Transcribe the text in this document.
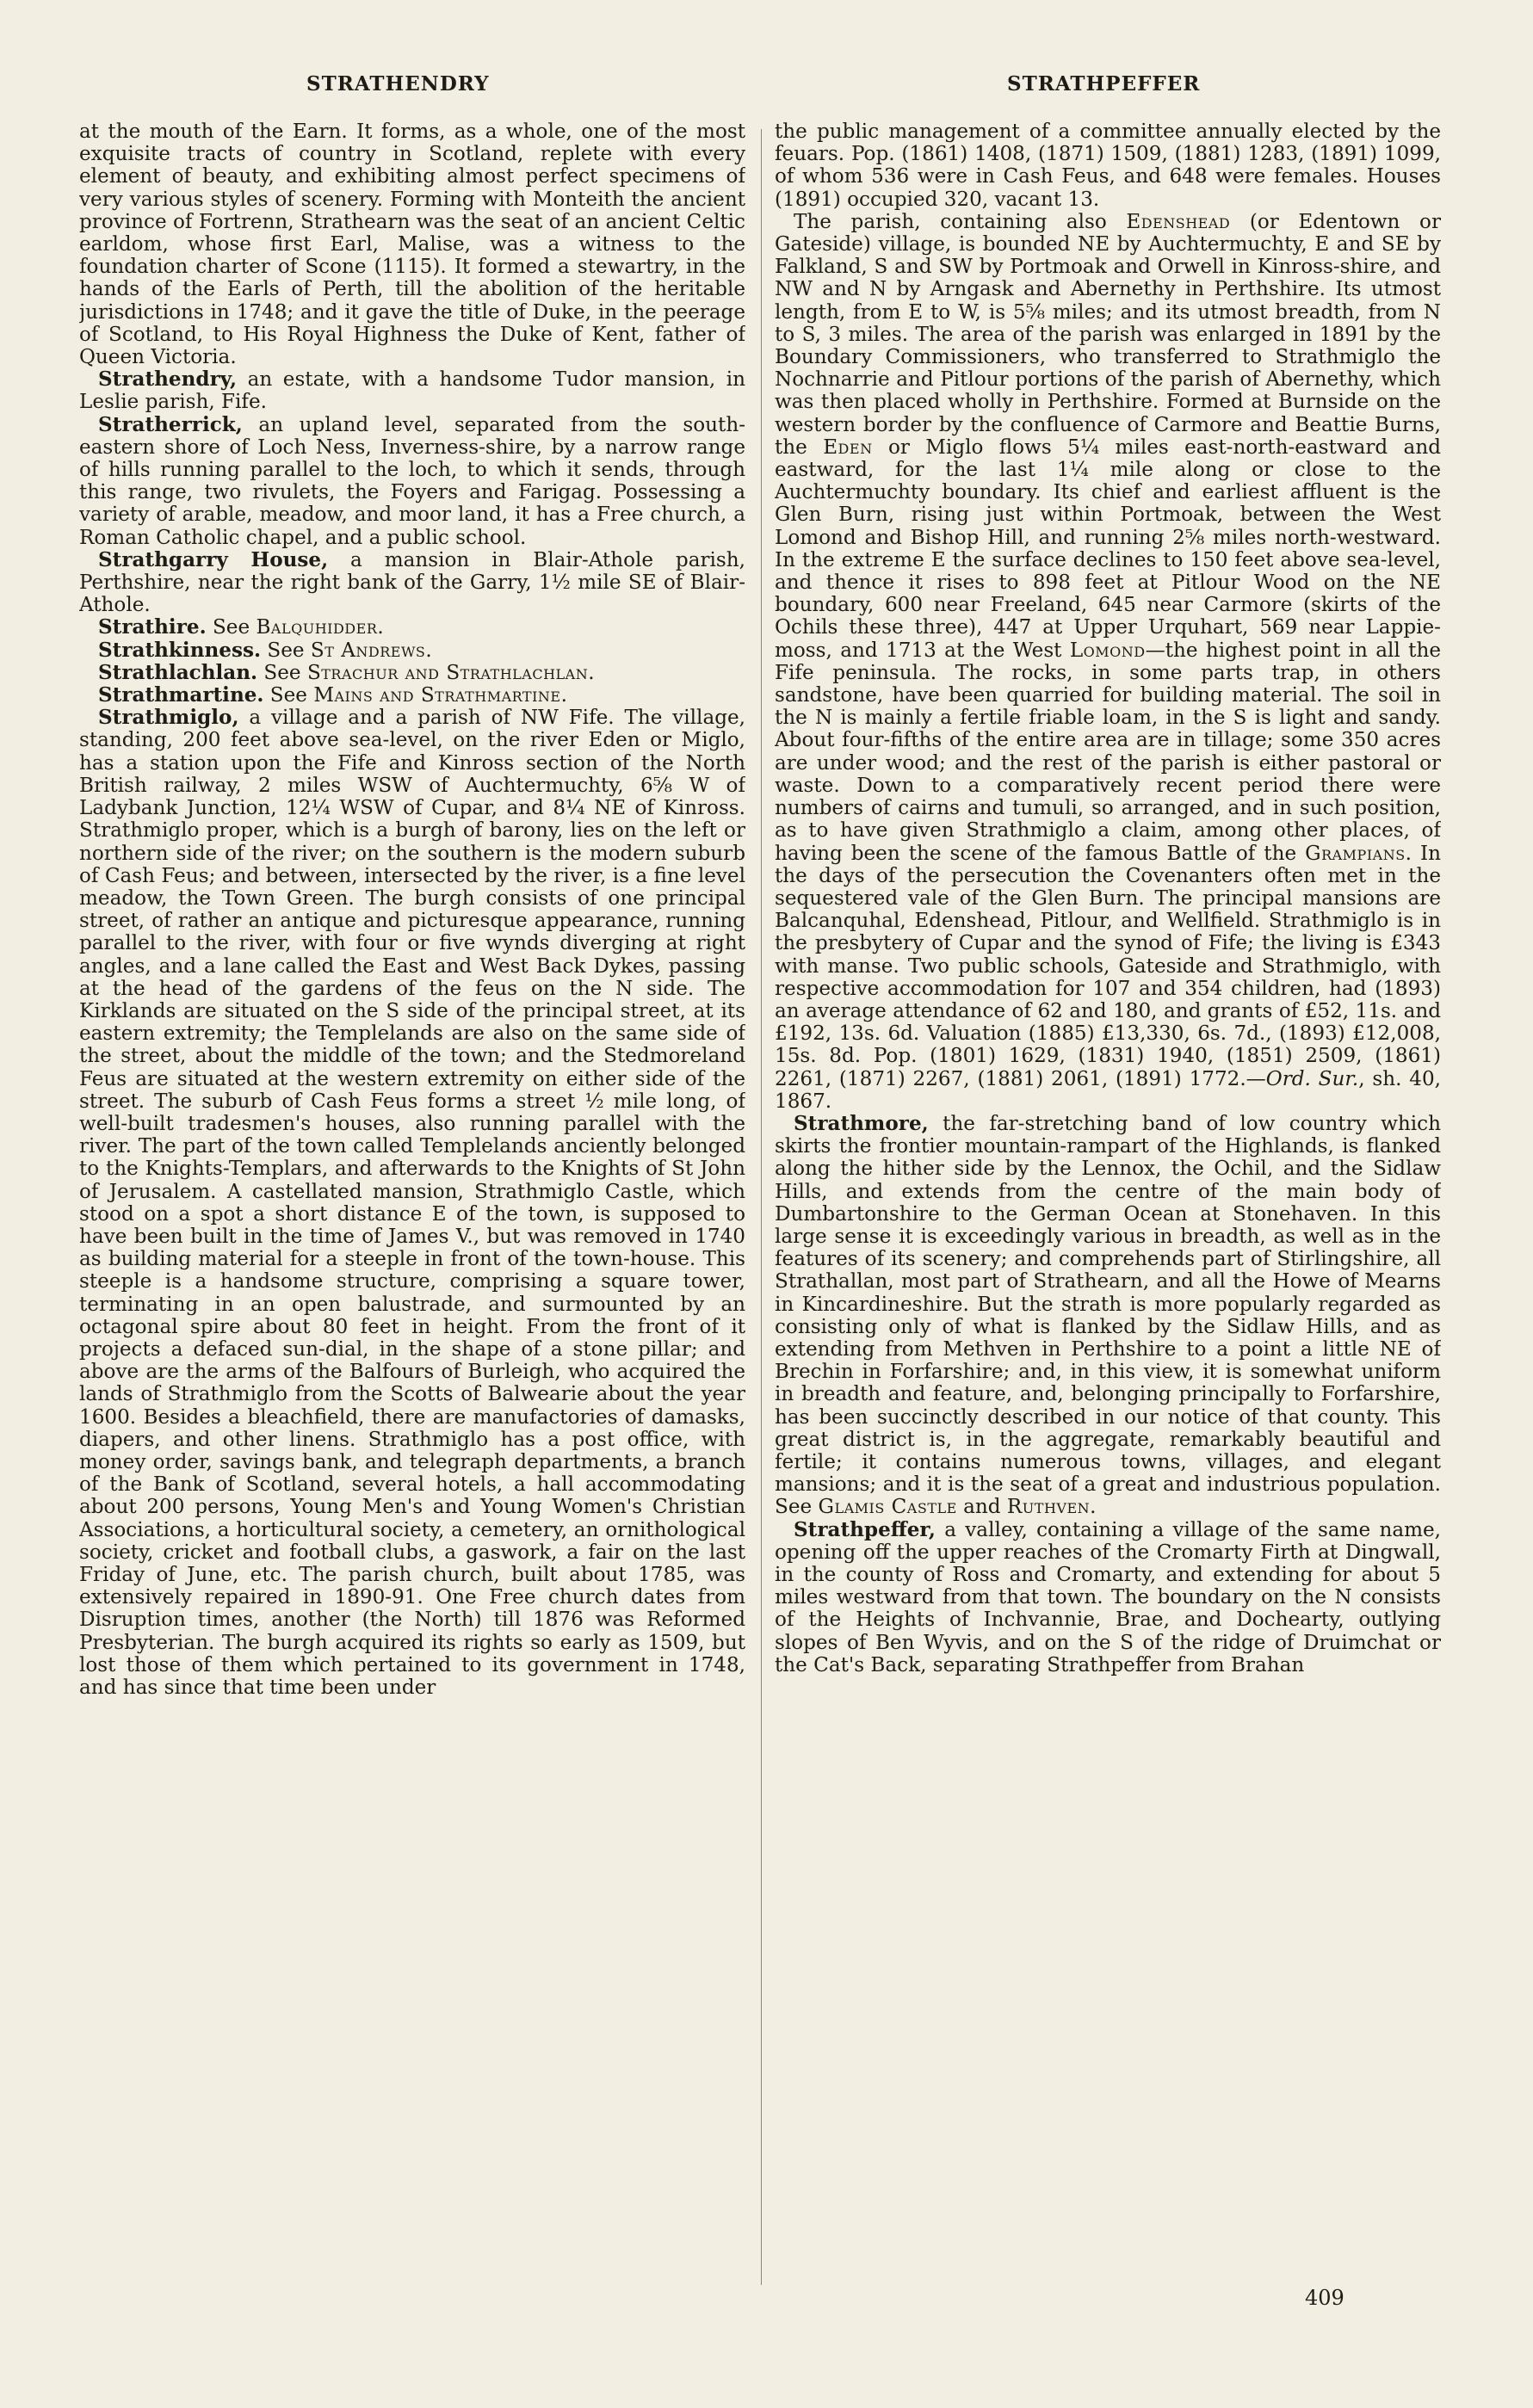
STRATHENDRY	STRATHPEFFER

at the mouth of the Earn. It forms, as a whole, one of the most exquisite tracts of country in Scotland, replete with every element of beauty, and exhibiting almost perfect specimens of very various styles of scenery. Forming with Monteith the ancient province of Fortrenn, Strathearn was the seat of an ancient Celtic earldom, whose first Earl, Malise, was a witness to the foundation charter of Scone (1115). It formed a stewartry, in the hands of the Earls of Perth, till the abolition of the heritable jurisdictions in 1748; and it gave the title of Duke, in the peerage of Scotland, to His Royal Highness the Duke of Kent, father of Queen Victoria.

Strathendry, an estate, with a handsome Tudor mansion, in Leslie parish, Fife.

Stratherrick, an upland level, separated from the south-eastern shore of Loch Ness, Inverness-shire, by a narrow range of hills running parallel to the loch, to which it sends, through this range, two rivulets, the Foyers and Farigag. Possessing a variety of arable, meadow, and moor land, it has a Free church, a Roman Catholic chapel, and a public school.

Strathgarry House, a mansion in Blair-Athole parish, Perthshire, near the right bank of the Garry, 1½ mile SE of Blair-Athole.

Strathire. See Balquhidder.

Strathkinness. See St Andrews.

Strathlachlan. See Strachur and Strathlachlan.

Strathmartine. See Mains and Strathmartine.

Strathmiglo, a village and a parish of NW Fife. The village, standing, 200 feet above sea-level, on the river Eden or Miglo, has a station upon the Fife and Kinross section of the North British railway, 2 miles WSW of Auchtermuchty, 6⅝ W of Ladybank Junction, 12¼ WSW of Cupar, and 8¼ NE of Kinross. Strathmiglo proper, which is a burgh of barony, lies on the left or northern side of the river; on the southern is the modern suburb of Cash Feus; and between, intersected by the river, is a fine level meadow, the Town Green. The burgh consists of one principal street, of rather an antique and picturesque appearance, running parallel to the river, with four or five wynds diverging at right angles, and a lane called the East and West Back Dykes, passing at the head of the gardens of the feus on the N side. The Kirklands are situated on the S side of the principal street, at its eastern extremity; the Templelands are also on the same side of the street, about the middle of the town; and the Stedmoreland Feus are situated at the western extremity on either side of the street. The suburb of Cash Feus forms a street ½ mile long, of well-built tradesmen's houses, also running parallel with the river. The part of the town called Templelands anciently belonged to the Knights-Templars, and afterwards to the Knights of St John of Jerusalem. A castellated mansion, Strathmiglo Castle, which stood on a spot a short distance E of the town, is supposed to have been built in the time of James V., but was removed in 1740 as building material for a steeple in front of the town-house. This steeple is a handsome structure, comprising a square tower, terminating in an open balustrade, and surmounted by an octagonal spire about 80 feet in height. From the front of it projects a defaced sun-dial, in the shape of a stone pillar; and above are the arms of the Balfours of Burleigh, who acquired the lands of Strathmiglo from the Scotts of Balwearie about the year 1600. Besides a bleachfield, there are manufactories of damasks, diapers, and other linens. Strathmiglo has a post office, with money order, savings bank, and telegraph departments, a branch of the Bank of Scotland, several hotels, a hall accommodating about 200 persons, Young Men's and Young Women's Christian Associations, a horticultural society, a cemetery, an ornithological society, cricket and football clubs, a gaswork, a fair on the last Friday of June, etc. The parish church, built about 1785, was extensively repaired in 1890-91. One Free church dates from Disruption times, another (the North) till 1876 was Reformed Presbyterian. The burgh acquired its rights so early as 1509, but lost those of them which pertained to its government in 1748, and has since that time been under

the public management of a committee annually elected by the feuars. Pop. (1861) 1408, (1871) 1509, (1881) 1283, (1891) 1099, of whom 536 were in Cash Feus, and 648 were females. Houses (1891) occupied 320, vacant 13.

The parish, containing also Edenshead (or Edentown or Gateside) village, is bounded NE by Auchtermuchty, E and SE by Falkland, S and SW by Portmoak and Orwell in Kinross-shire, and NW and N by Arngask and Abernethy in Perthshire. Its utmost length, from E to W, is 5⅝ miles; and its utmost breadth, from N to S, 3 miles. The area of the parish was enlarged in 1891 by the Boundary Commissioners, who transferred to Strathmiglo the Nochnarrie and Pitlour portions of the parish of Abernethy, which was then placed wholly in Perthshire. Formed at Burnside on the western border by the confluence of Carmore and Beattie Burns, the Eden or Miglo flows 5¼ miles east-north-eastward and eastward, for the last 1¼ mile along or close to the Auchtermuchty boundary. Its chief and earliest affluent is the Glen Burn, rising just within Portmoak, between the West Lomond and Bishop Hill, and running 2⅝ miles north-westward. In the extreme E the surface declines to 150 feet above sea-level, and thence it rises to 898 feet at Pitlour Wood on the NE boundary, 600 near Freeland, 645 near Carmore (skirts of the Ochils these three), 447 at Upper Urquhart, 569 near Lappie-moss, and 1713 at the West Lomond—the highest point in all the Fife peninsula. The rocks, in some parts trap, in others sandstone, have been quarried for building material. The soil in the N is mainly a fertile friable loam, in the S is light and sandy. About four-fifths of the entire area are in tillage; some 350 acres are under wood; and the rest of the parish is either pastoral or waste. Down to a comparatively recent period there were numbers of cairns and tumuli, so arranged, and in such position, as to have given Strathmiglo a claim, among other places, of having been the scene of the famous Battle of the Grampians. In the days of the persecution the Covenanters often met in the sequestered vale of the Glen Burn. The principal mansions are Balcanquhal, Edenshead, Pitlour, and Wellfield. Strathmiglo is in the presbytery of Cupar and the synod of Fife; the living is £343 with manse. Two public schools, Gateside and Strathmiglo, with respective accommodation for 107 and 354 children, had (1893) an average attendance of 62 and 180, and grants of £52, 11s. and £192, 13s. 6d. Valuation (1885) £13,330, 6s. 7d., (1893) £12,008, 15s. 8d. Pop. (1801) 1629, (1831) 1940, (1851) 2509, (1861) 2261, (1871) 2267, (1881) 2061, (1891) 1772.—Ord. Sur., sh. 40, 1867.

Strathmore, the far-stretching band of low country which skirts the frontier mountain-rampart of the Highlands, is flanked along the hither side by the Lennox, the Ochil, and the Sidlaw Hills, and extends from the centre of the main body of Dumbartonshire to the German Ocean at Stonehaven. In this large sense it is exceedingly various in breadth, as well as in the features of its scenery; and comprehends part of Stirlingshire, all Strathallan, most part of Strathearn, and all the Howe of Mearns in Kincardineshire. But the strath is more popularly regarded as consisting only of what is flanked by the Sidlaw Hills, and as extending from Methven in Perthshire to a point a little NE of Brechin in Forfarshire; and, in this view, it is somewhat uniform in breadth and feature, and, belonging principally to Forfarshire, has been succinctly described in our notice of that county. This great district is, in the aggregate, remarkably beautiful and fertile; it contains numerous towns, villages, and elegant mansions; and it is the seat of a great and industrious population. See Glamis Castle and Ruthven.

Strathpeffer, a valley, containing a village of the same name, opening off the upper reaches of the Cromarty Firth at Dingwall, in the county of Ross and Cromarty, and extending for about 5 miles westward from that town. The boundary on the N consists of the Heights of Inchvannie, Brae, and Dochearty, outlying slopes of Ben Wyvis, and on the S of the ridge of Druimchat or the Cat's Back, separating Strathpeffer from Brahan

409
